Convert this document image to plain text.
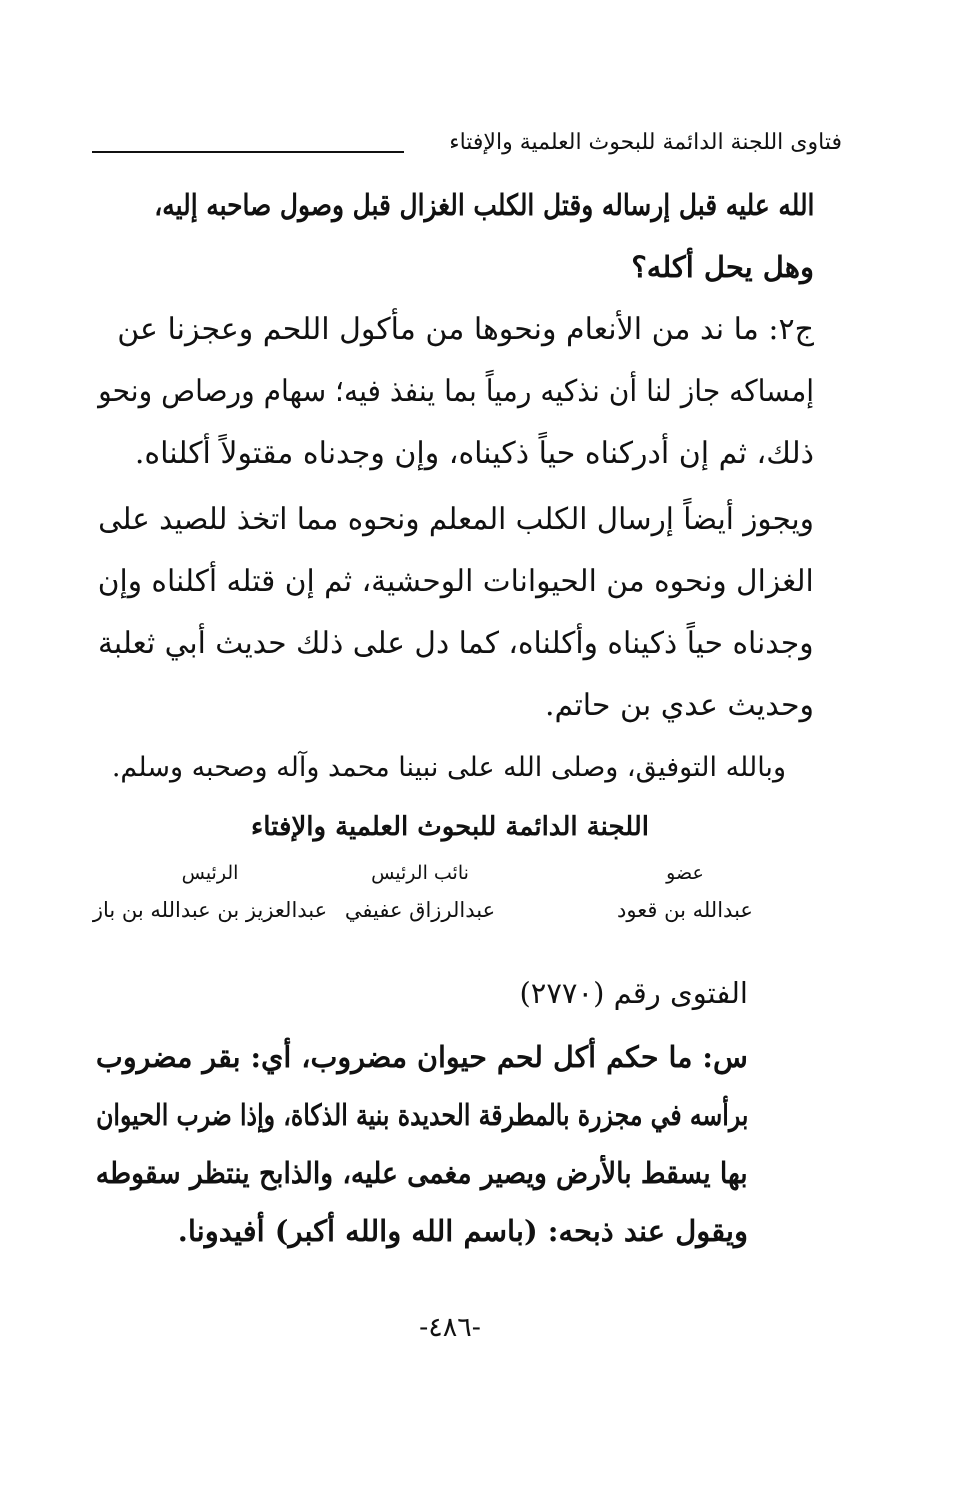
فتاوى اللجنة الدائمة للبحوث العلمية والإفتاء
الله عليه قبل إرساله وقتل الكلب الغزال قبل وصول صاحبه إليه،
وهل يحل أكله؟
ج٢: ما ند من الأنعام ونحوها من مأكول اللحم وعجزنا عن
إمساكه جاز لنا أن نذكيه رمياً بما ينفذ فيه؛ سهام ورصاص ونحو
ذلك، ثم إن أدركناه حياً ذكيناه، وإن وجدناه مقتولاً أكلناه.
ويجوز أيضاً إرسال الكلب المعلم ونحوه مما اتخذ للصيد على
الغزال ونحوه من الحيوانات الوحشية، ثم إن قتله أكلناه وإن
وجدناه حياً ذكيناه وأكلناه، كما دل على ذلك حديث أبي ثعلبة
وحديث عدي بن حاتم.
وبالله التوفيق، وصلى الله على نبينا محمد وآله وصحبه وسلم.
اللجنة الدائمة للبحوث العلمية والإفتاء
عضو
عبدالله بن قعود
نائب الرئيس
عبدالرزاق عفيفي
الرئيس
عبدالعزيز بن عبدالله بن باز
الفتوى رقم (٢٧٧٠)
س: ما حكم أكل لحم حيوان مضروب، أي: بقر مضروب
برأسه في مجزرة بالمطرقة الحديدة بنية الذكاة، وإذا ضرب الحيوان
بها يسقط بالأرض ويصير مغمى عليه، والذابح ينتظر سقوطه
ويقول عند ذبحه: (باسم الله والله أكبر) أفيدونا.
-٤٨٦-
